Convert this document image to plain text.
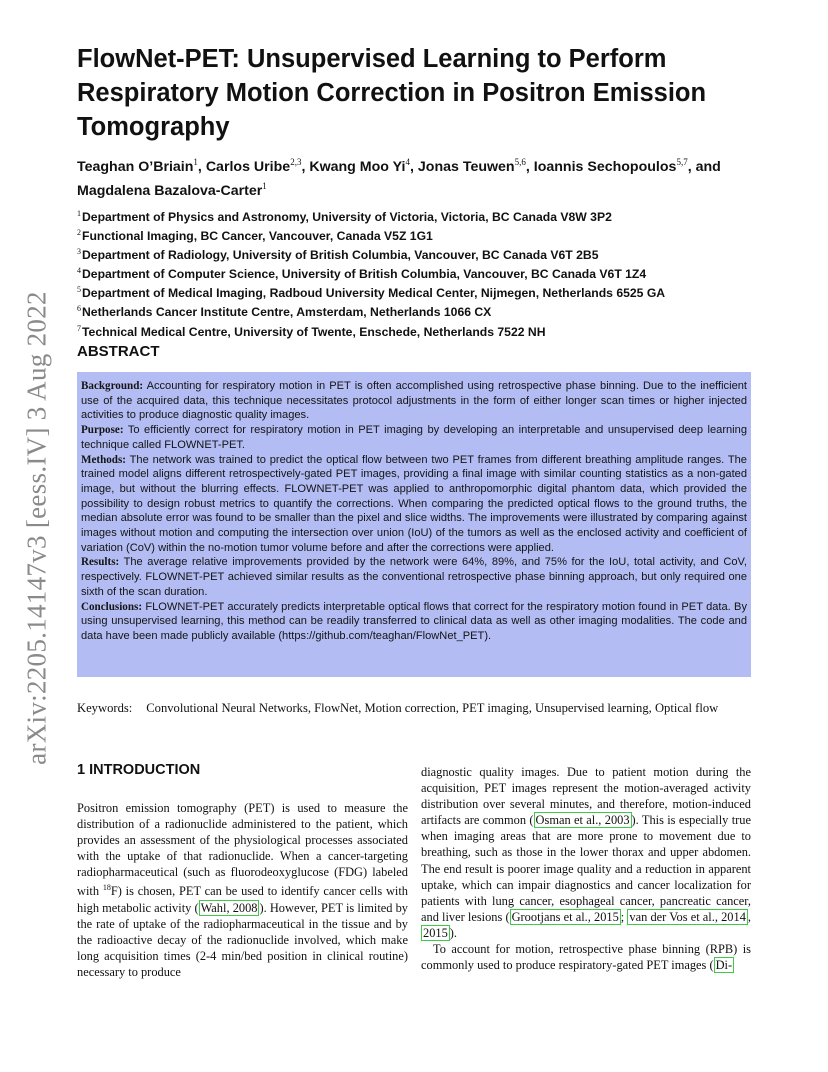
arXiv:2205.14147v3 [eess.IV] 3 Aug 2022
FlowNet-PET: Unsupervised Learning to Perform Respiratory Motion Correction in Positron Emission Tomography
Teaghan O’Briain$^1$, Carlos Uribe$^{2,3}$, Kwang Moo Yi$^4$, Jonas Teuwen$^{5,6}$, Ioannis Sechopoulos$^{5,7}$, and Magdalena Bazalova-Carter$^1$
$^1$Department of Physics and Astronomy, University of Victoria, Victoria, BC Canada V8W 3P2
$^2$Functional Imaging, BC Cancer, Vancouver, Canada V5Z 1G1
$^3$Department of Radiology, University of British Columbia, Vancouver, BC Canada V6T 2B5
$^4$Department of Computer Science, University of British Columbia, Vancouver, BC Canada V6T 1Z4
$^5$Department of Medical Imaging, Radboud University Medical Center, Nijmegen, Netherlands 6525 GA
$^6$Netherlands Cancer Institute Centre, Amsterdam, Netherlands 1066 CX
$^7$Technical Medical Centre, University of Twente, Enschede, Netherlands 7522 NH
ABSTRACT

Background: Accounting for respiratory motion in PET is often accomplished using retrospective phase binning. Due to the inefficient use of the acquired data, this technique necessitates protocol adjustments in the form of either longer scan times or higher injected activities to produce diagnostic quality images.

Purpose: To efficiently correct for respiratory motion in PET imaging by developing an interpretable and unsupervised deep learning technique called FLOWNET-PET.

Methods: The network was trained to predict the optical flow between two PET frames from different breathing amplitude ranges. The trained model aligns different retrospectively-gated PET images, providing a final image with similar counting statistics as a non-gated image, but without the blurring effects. FLOWNET-PET was applied to anthropomorphic digital phantom data, which provided the possibility to design robust metrics to quantify the corrections. When comparing the predicted optical flows to the ground truths, the median absolute error was found to be smaller than the pixel and slice widths. The improvements were illustrated by comparing against images without motion and computing the intersection over union (IoU) of the tumors as well as the enclosed activity and coefficient of variation (CoV) within the no-motion tumor volume before and after the corrections were applied.

Results: The average relative improvements provided by the network were 64%, 89%, and 75% for the IoU, total activity, and CoV, respectively. FLOWNET-PET achieved similar results as the conventional retrospective phase binning approach, but only required one sixth of the scan duration.

Conclusions: FLOWNET-PET accurately predicts interpretable optical flows that correct for the respiratory motion found in PET data. By using unsupervised learning, this method can be readily transferred to clinical data as well as other imaging modalities. The code and data have been made publicly available (https://github.com/teaghan/FlowNet_PET).

Keywords: Convolutional Neural Networks, FlowNet, Motion correction, PET imaging, Unsupervised learning, Optical flow
1 INTRODUCTION

Positron emission tomography (PET) is used to measure the distribution of a radionuclide administered to the patient, which provides an assessment of the physiological processes associated with the uptake of that radionuclide. When a cancer-targeting radiopharmaceutical (such as fluorodeoxyglucose (FDG) labeled with $^{18}$F) is chosen, PET can be used to identify cancer cells with high metabolic activity ( Wahl, 2008 ). However, PET is limited by the rate of uptake of the radiopharmaceutical in the tissue and by the radioactive decay of the radionuclide involved, which make long acquisition times (2-4 min/bed position in clinical routine) necessary to produce

diagnostic quality images. Due to patient motion during the acquisition, PET images represent the motion-averaged activity distribution over several minutes, and therefore, motion-induced artifacts are common ( Osman et al., 2003 ). This is especially true when imaging areas that are more prone to movement due to breathing, such as those in the lower thorax and upper abdomen. The end result is poorer image quality and a reduction in apparent uptake, which can impair diagnostics and cancer localization for patients with lung cancer, esophageal cancer, pancreatic cancer, and liver lesions ( Grootjans et al., 2015 ; van der Vos et al., 2014 , 2015 ).

To account for motion, retrospective phase binning (RPB) is commonly used to produce respiratory-gated PET images ( Di-
